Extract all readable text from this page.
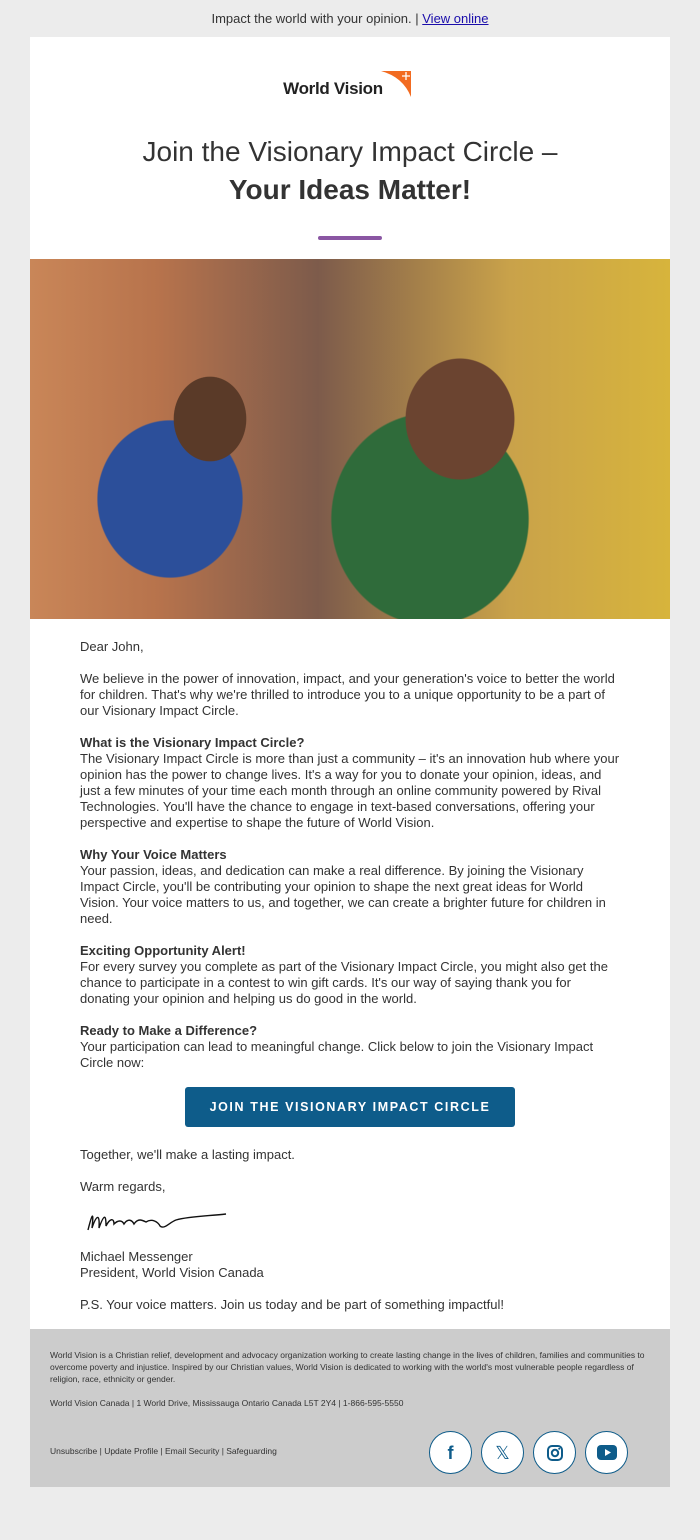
Impact the world with your opinion. | View online
World Vision
Join the Visionary Impact Circle –
Your Ideas Matter!

Dear John,

We believe in the power of innovation, impact, and your generation's voice to better the world for children. That's why we're thrilled to introduce you to a unique opportunity to be a part of our Visionary Impact Circle.

What is the Visionary Impact Circle?
The Visionary Impact Circle is more than just a community – it's an innovation hub where your opinion has the power to change lives. It's a way for you to donate your opinion, ideas, and just a few minutes of your time each month through an online community powered by Rival Technologies. You'll have the chance to engage in text-based conversations, offering your perspective and expertise to shape the future of World Vision.

Why Your Voice Matters
Your passion, ideas, and dedication can make a real difference. By joining the Visionary Impact Circle, you'll be contributing your opinion to shape the next great ideas for World Vision. Your voice matters to us, and together, we can create a brighter future for children in need.

Exciting Opportunity Alert!
For every survey you complete as part of the Visionary Impact Circle, you might also get the chance to participate in a contest to win gift cards. It's our way of saying thank you for donating your opinion and helping us do good in the world.

Ready to Make a Difference?
Your participation can lead to meaningful change. Click below to join the Visionary Impact Circle now:

JOIN THE VISIONARY IMPACT CIRCLE

Together, we'll make a lasting impact.

Warm regards,

Michael Messenger
President, World Vision Canada

P.S. Your voice matters. Join us today and be part of something impactful!

World Vision is a Christian relief, development and advocacy organization working to create lasting change in the lives of children, families and communities to overcome poverty and injustice. Inspired by our Christian values, World Vision is dedicated to working with the world's most vulnerable people regardless of religion, race, ethnicity or gender.

World Vision Canada | 1 World Drive, Mississauga Ontario Canada L5T 2Y4 | 1-866-595-5550

Unsubscribe | Update Profile | Email Security | Safeguarding	f	𝕏
